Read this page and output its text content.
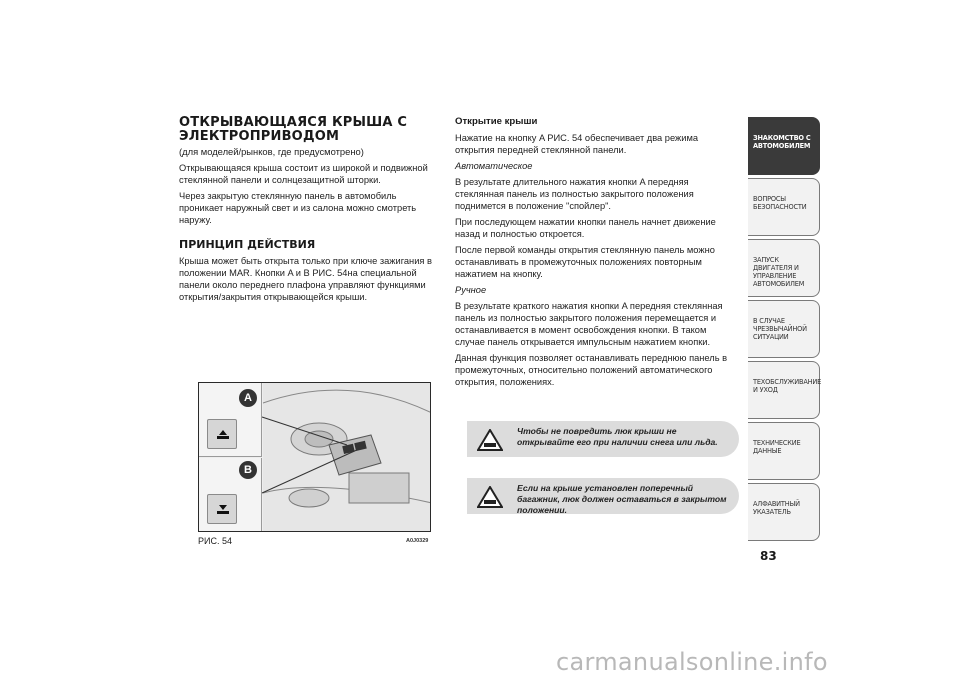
ОТКРЫВАЮЩАЯСЯ КРЫША С ЭЛЕКТРОПРИВОДОМ
(для моделей/рынков, где предусмотрено)
Открывающаяся крыша состоит из широкой и подвижной стеклянной панели и солнцезащитной шторки.
Через закрытую стеклянную панель в автомобиль проникает наружный свет и из салона можно смотреть наружу.
ПРИНЦИП ДЕЙСТВИЯ
Крыша может быть открыта только при ключе зажигания в положении MAR. Кнопки A и B РИС. 54на специальной панели около переднего плафона управляют функциями открытия/закрытия открывающейся крыши.
A
B
РИС. 54	A0J0329
Открытие крыши
Нажатие на кнопку A РИС. 54 обеспечивает два режима открытия передней стеклянной панели.
Автоматическое
В результате длительного нажатия кнопки A передняя стеклянная панель из полностью закрытого положения поднимется в положение "спойлер".
При последующем нажатии кнопки панель начнет движение назад и полностью откроется.
После первой команды открытия стеклянную панель можно останавливать в промежуточных положениях повторным нажатием на кнопку.
Ручное
В результате краткого нажатия кнопки A передняя стеклянная панель из полностью закрытого положения перемещается и останавливается в момент освобождения кнопки. В таком случае панель открывается импульсным нажатием кнопки.
Данная функция позволяет останавливать переднюю панель в промежуточных, относительно положений автоматического открытия, положениях.
Чтобы не повредить люк крыши не открывайте его при наличии снега или льда.
Если на крыше установлен поперечный багажник, люк должен оставаться в закрытом положении.
ЗНАКОМСТВО С
АВТОМОБИЛЕМ
ВОПРОСЫ
БЕЗОПАСНОСТИ
ЗАПУСК ДВИГАТЕЛЯ И
УПРАВЛЕНИЕ
АВТОМОБИЛЕМ
В СЛУЧАЕ
ЧРЕЗВЫЧАЙНОЙ
СИТУАЦИИ
ТЕХОБСЛУЖИВАНИЕ
И УХОД
ТЕХНИЧЕСКИЕ
ДАННЫЕ
АЛФАВИТНЫЙ
УКАЗАТЕЛЬ
83
carmanualsonline.info
